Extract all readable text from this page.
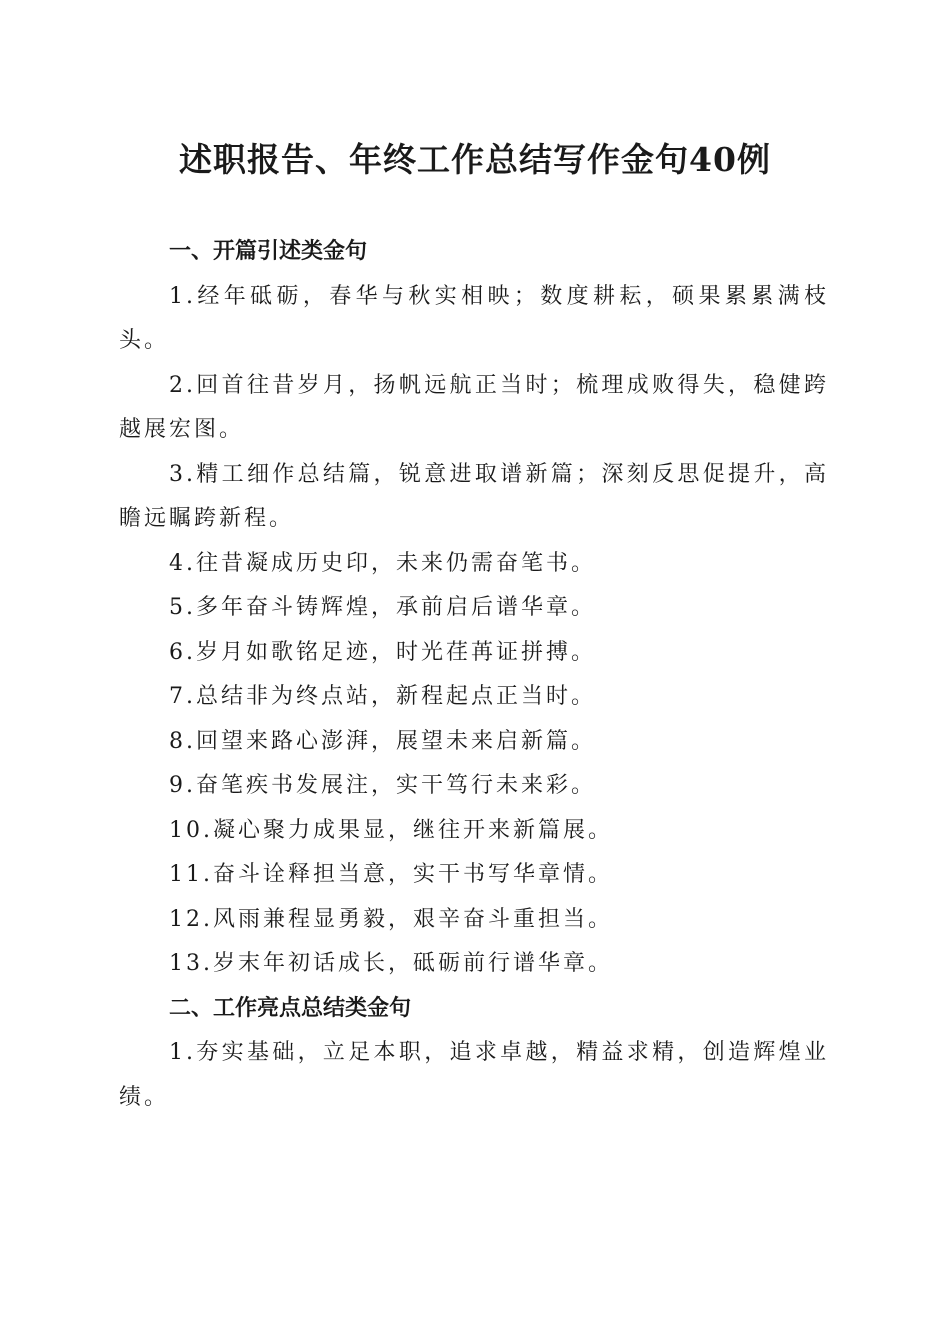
述职报告、年终工作总结写作金句40例

一、开篇引述类金句

1.经年砥砺，春华与秋实相映；数度耕耘，硕果累累满枝头。

2.回首往昔岁月，扬帆远航正当时；梳理成败得失，稳健跨越展宏图。

3.精工细作总结篇，锐意进取谱新篇；深刻反思促提升，高瞻远瞩跨新程。

4.往昔凝成历史印，未来仍需奋笔书。

5.多年奋斗铸辉煌，承前启后谱华章。

6.岁月如歌铭足迹，时光荏苒证拼搏。

7.总结非为终点站，新程起点正当时。

8.回望来路心澎湃，展望未来启新篇。

9.奋笔疾书发展注，实干笃行未来彩。

10.凝心聚力成果显，继往开来新篇展。

11.奋斗诠释担当意，实干书写华章情。

12.风雨兼程显勇毅，艰辛奋斗重担当。

13.岁末年初话成长，砥砺前行谱华章。

二、工作亮点总结类金句

1.夯实基础，立足本职，追求卓越，精益求精，创造辉煌业绩。
